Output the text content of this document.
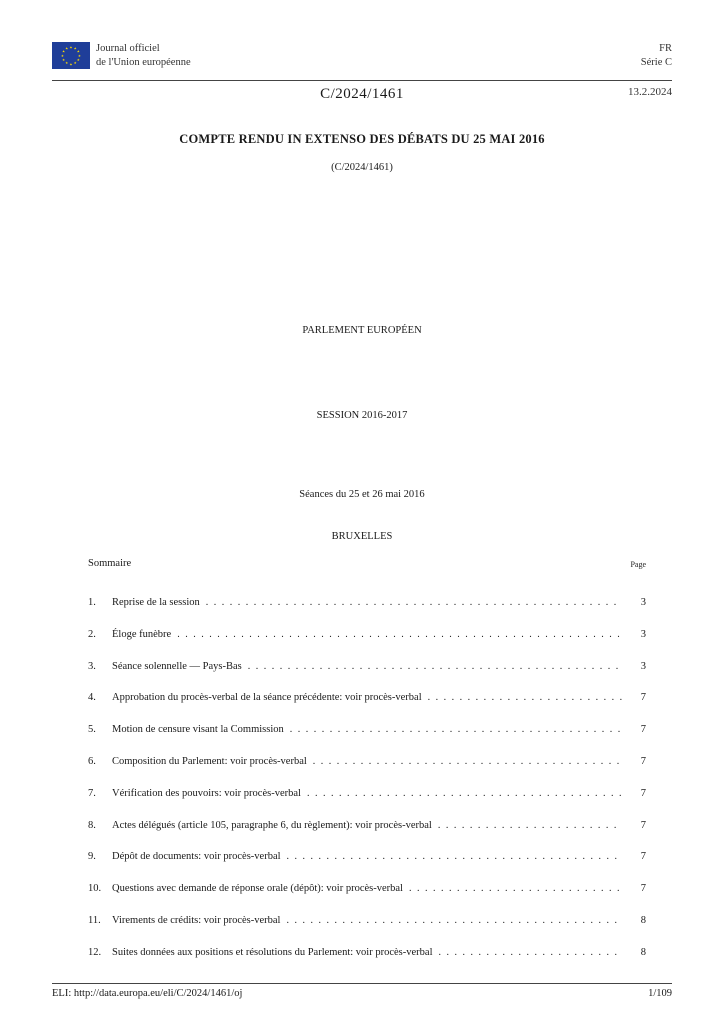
★
★
★
★
★
★
★
★
★ ★ ★
★ Journal officiel
de l'Union européenne
FR
Série C
C/2024/1461	13.2.2024
COMPTE RENDU IN EXTENSO DES DÉBATS DU 25 MAI 2016
(C/2024/1461)
PARLEMENT EUROPÉEN
SESSION 2016-2017
Séances du 25 et 26 mai 2016
BRUXELLES
Sommaire	Page
1.	Reprise de la session . . .	3
2.	Éloge funèbre . . .	3
3.	Séance solennelle — Pays-Bas . . .	3
4.	Approbation du procès-verbal de la séance précédente: voir procès-verbal . . .	7
5.	Motion de censure visant la Commission . . .	7
6.	Composition du Parlement: voir procès-verbal . . .	7
7.	Vérification des pouvoirs: voir procès-verbal . . .	7
8.	Actes délégués (article 105, paragraphe 6, du règlement): voir procès-verbal . . .	7
9.	Dépôt de documents: voir procès-verbal . . .	7
10.	Questions avec demande de réponse orale (dépôt): voir procès-verbal . . .	7
11.	Virements de crédits: voir procès-verbal . . .	8
12.	Suites données aux positions et résolutions du Parlement: voir procès-verbal . . .	8
ELI: http://data.europa.eu/eli/C/2024/1461/oj	1/109
